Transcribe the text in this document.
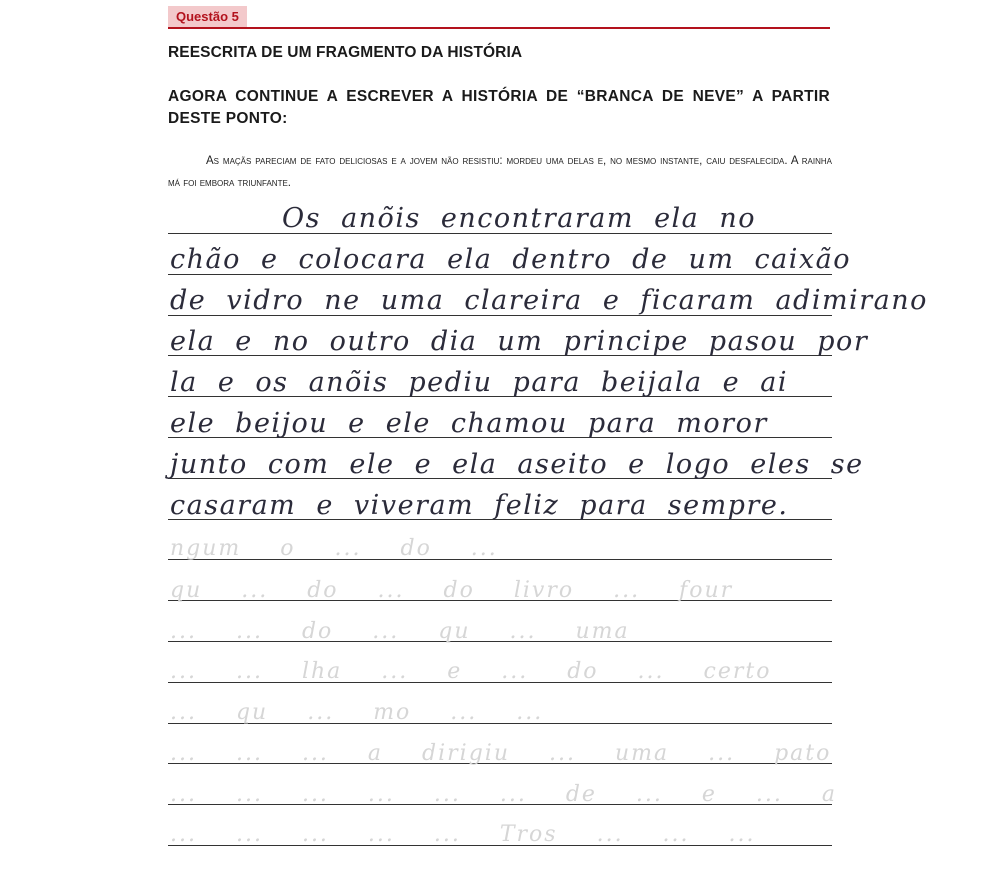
Questão 5
REESCRITA DE UM FRAGMENTO DA HISTÓRIA
AGORA CONTINUE A ESCREVER A HISTÓRIA DE “BRANCA DE NEVE” A PARTIR DESTE PONTO:
As maçãs pareciam de fato deliciosas e a jovem não resistiu: mordeu uma delas e, no mesmo instante, caiu desfalecida. A rainha má foi embora triunfante.
Os anõis encontraram ela no
chão e colocara ela dentro de um caixão
de vidro ne uma clareira e ficaram adimirano
ela e no outro dia um principe pasou por
la e os anõis pediu para beijala e ai
ele beijou e ele chamou para moror
junto com ele e ela aseito e logo eles se
casaram e viveram feliz para sempre.
ngum o ... do ...
qu ... do ... do livro ... four
... ... do ... qu ... uma
... ... lha ... e ... do ... certo
... qu ... mo ... ...
... ... ... a dirigiu ... uma ... pato
... ... ... ... ... ... de ... e ... a
... ... ... ... ... Tros ... ... ...
